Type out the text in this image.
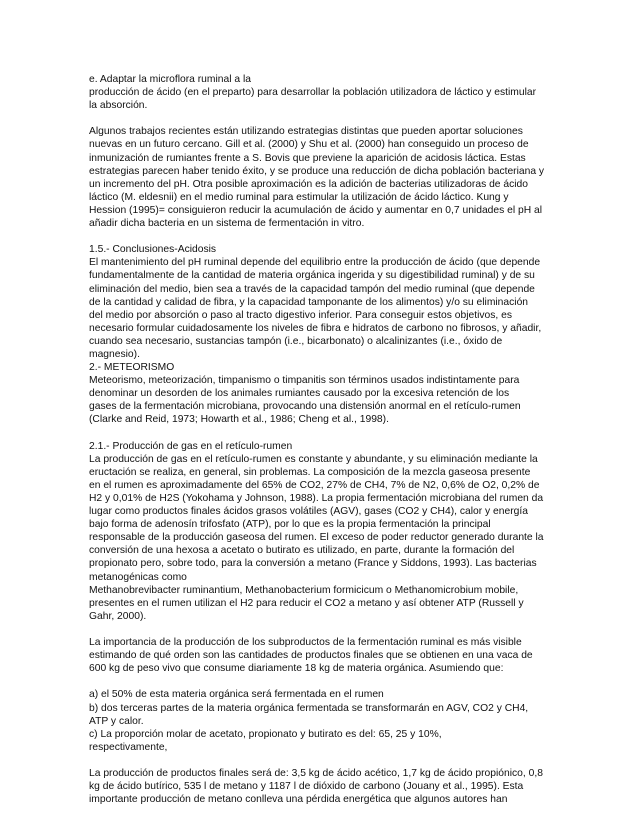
e. Adaptar la microflora ruminal a la
producción de ácido (en el preparto) para desarrollar la población utilizadora de láctico y estimular
la absorción.
Algunos trabajos recientes están utilizando estrategias distintas que pueden aportar soluciones
nuevas en un futuro cercano. Gill et al. (2000) y Shu et al. (2000) han conseguido un proceso de
inmunización de rumiantes frente a S. Bovis que previene la aparición de acidosis láctica. Estas
estrategias parecen haber tenido éxito, y se produce una reducción de dicha población bacteriana y
un incremento del pH. Otra posible aproximación es la adición de bacterias utilizadoras de ácido
láctico (M. eldesnii) en el medio ruminal para estimular la utilización de ácido láctico. Kung y
Hession (1995)= consiguieron reducir la acumulación de ácido y aumentar en 0,7 unidades el pH al
añadir dicha bacteria en un sistema de fermentación in vitro.
1.5.- Conclusiones-Acidosis
El mantenimiento del pH ruminal depende del equilibrio entre la producción de ácido (que depende
fundamentalmente de la cantidad de materia orgánica ingerida y su digestibilidad ruminal) y de su
eliminación del medio, bien sea a través de la capacidad tampón del medio ruminal (que depende
de la cantidad y calidad de fibra, y la capacidad tamponante de los alimentos) y/o su eliminación
del medio por absorción o paso al tracto digestivo inferior. Para conseguir estos objetivos, es
necesario formular cuidadosamente los niveles de fibra e hidratos de carbono no fibrosos, y añadir,
cuando sea necesario, sustancias tampón (i.e., bicarbonato) o alcalinizantes (i.e., óxido de
magnesio).
2.- METEORISMO
Meteorismo, meteorización, timpanismo o timpanitis son términos usados indistintamente para
denominar un desorden de los animales rumiantes causado por la excesiva retención de los
gases de la fermentación microbiana, provocando una distensión anormal en el retículo-rumen
(Clarke and Reid, 1973; Howarth et al., 1986; Cheng et al., 1998).
2.1.- Producción de gas en el retículo-rumen
La producción de gas en el retículo-rumen es constante y abundante, y su eliminación mediante la
eructación se realiza, en general, sin problemas. La composición de la mezcla gaseosa presente
en el rumen es aproximadamente del 65% de CO2, 27% de CH4, 7% de N2, 0,6% de O2, 0,2% de
H2 y 0,01% de H2S (Yokohama y Johnson, 1988). La propia fermentación microbiana del rumen da
lugar como productos finales ácidos grasos volátiles (AGV), gases (CO2 y CH4), calor y energía
bajo forma de adenosín trifosfato (ATP), por lo que es la propia fermentación la principal
responsable de la producción gaseosa del rumen. El exceso de poder reductor generado durante la
conversión de una hexosa a acetato o butirato es utilizado, en parte, durante la formación del
propionato pero, sobre todo, para la conversión a metano (France y Siddons, 1993). Las bacterias
metanogénicas como
Methanobrevibacter ruminantium, Methanobacterium formicicum o Methanomicrobium mobile,
presentes en el rumen utilizan el H2 para reducir el CO2 a metano y así obtener ATP (Russell y
Gahr, 2000).
La importancia de la producción de los subproductos de la fermentación ruminal es más visible
estimando de qué orden son las cantidades de productos finales que se obtienen en una vaca de
600 kg de peso vivo que consume diariamente 18 kg de materia orgánica. Asumiendo que:
a) el 50% de esta materia orgánica será fermentada en el rumen
b) dos terceras partes de la materia orgánica fermentada se transformarán en AGV, CO2 y CH4,
ATP y calor.
c) La proporción molar de acetato, propionato y butirato es del: 65, 25 y 10%,
respectivamente,
La producción de productos finales será de: 3,5 kg de ácido acético, 1,7 kg de ácido propiónico, 0,8
kg de ácido butírico, 535 l de metano y 1187 l de dióxido de carbono (Jouany et al., 1995). Esta
importante producción de metano conlleva una pérdida energética que algunos autores han
